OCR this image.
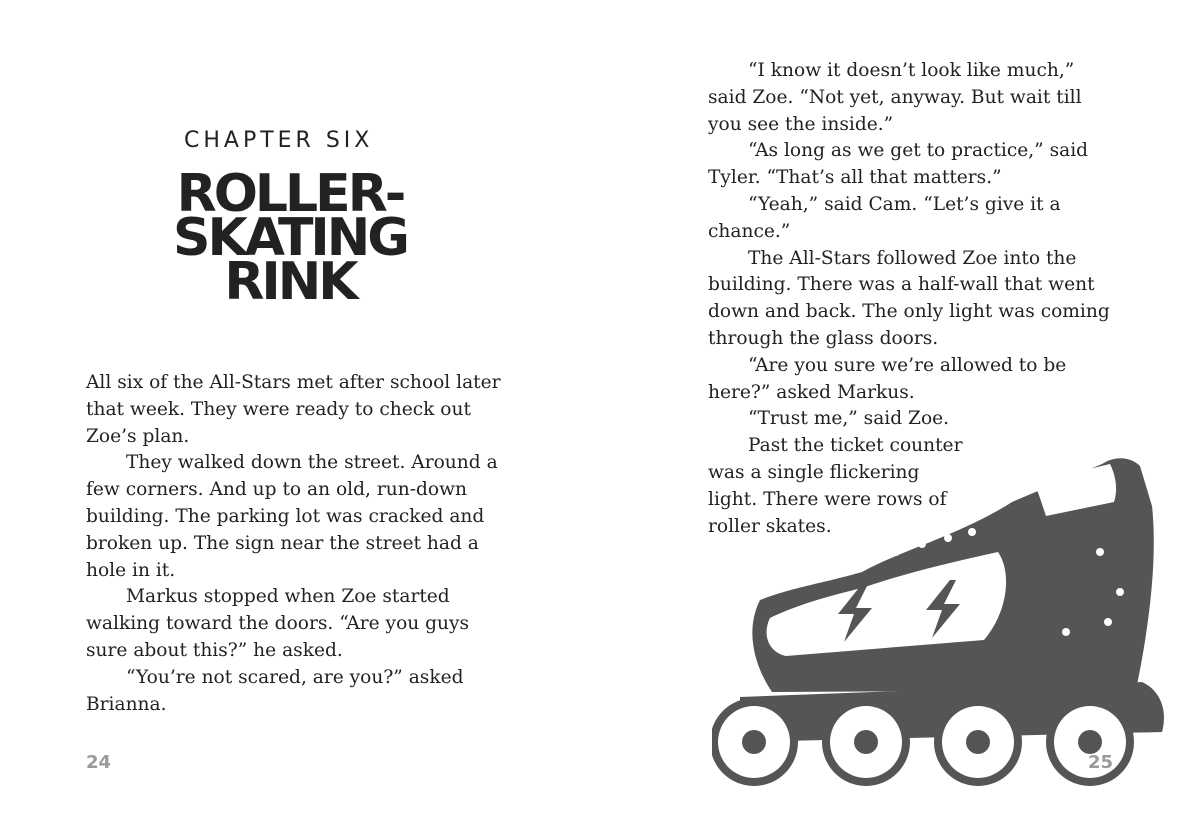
CHAPTER SIX
ROLLER-
SKATING
RINK

All six of the All-Stars met after school later that week. They were ready to check out Zoe’s plan.

They walked down the street. Around a few corners. And up to an old, run-down building. The parking lot was cracked and broken up. The sign near the street had a hole in it.

Markus stopped when Zoe started walking toward the doors. “Are you guys sure about this?” he asked.

“You’re not scared, are you?” asked Brianna.

24

“I know it doesn’t look like much,” said Zoe. “Not yet, anyway. But wait till you see the inside.”

“As long as we get to practice,” said Tyler. “That’s all that matters.”

“Yeah,” said Cam. “Let’s give it a chance.”

The All-Stars followed Zoe into the building. There was a half-wall that went down and back. The only light was coming through the glass doors.

“Are you sure we’re allowed to be here?” asked Markus.

“Trust me,” said Zoe.

Past the ticket counter was a single flickering light. There were rows of roller skates.

25
